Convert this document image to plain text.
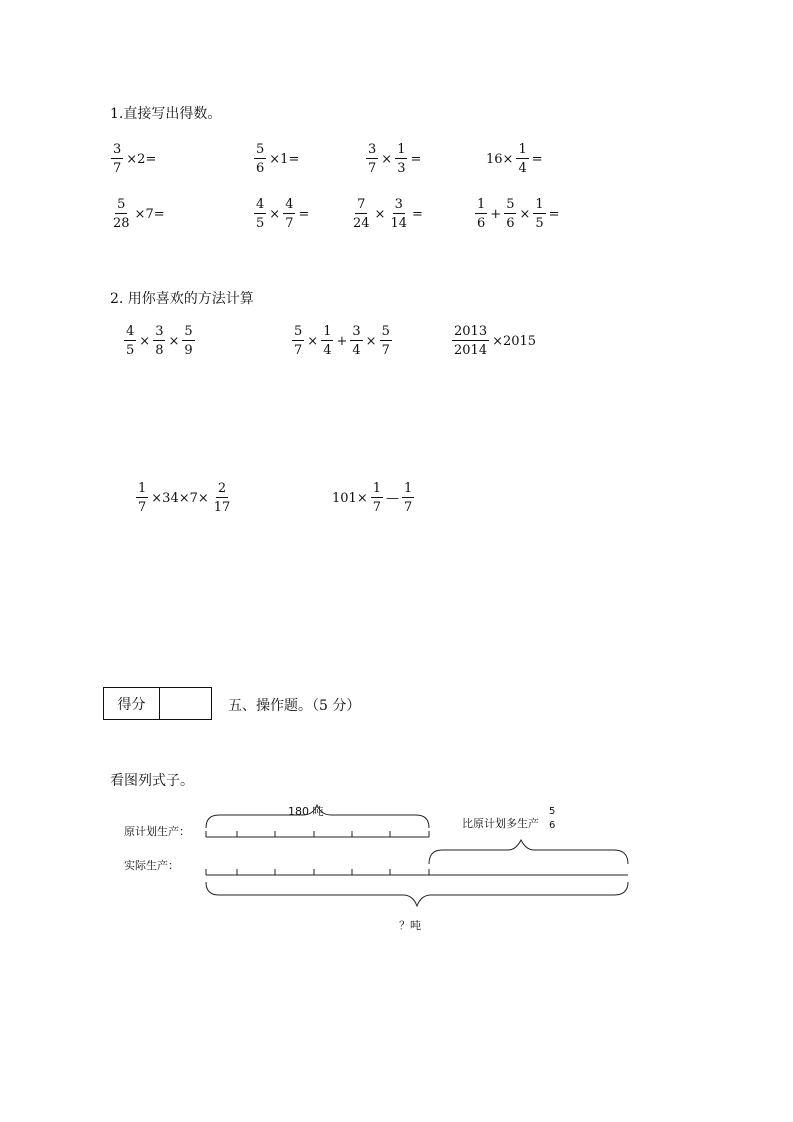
1.直接写出得数。
$\frac{3}{7} \times 2=$	$\frac{5}{6} \times 1=$	$\frac{3}{7} \times \frac{1}{3}$ =	$16\times \frac{1}{4}$ =
$\frac{5}{28} \times 7=$	$\frac{4}{5} \times \frac{4}{7}$ =	$\frac{7}{24} \times \frac{3}{14}$ =	$\frac{1}{6} + \frac{5}{6} \times \frac{1}{5}$ =
2. 用你喜欢的方法计算
$\frac{4}{5} \times \frac{3}{8} \times \frac{5}{9}$	$\frac{5}{7} \times \frac{1}{4} + \frac{3}{4} \times \frac{5}{7}$	$\frac{2013}{2014} \times 2015$
$\frac{1}{7} \times 34\times 7\times \frac{2}{17}$	$101\times \frac{1}{7}$ — $\frac{1}{7}$
得分	五、操作题。（5 分）
看图列式子。
180 吨
原计划生产：
实际生产：
比原计划多生产
5
6
？吨
